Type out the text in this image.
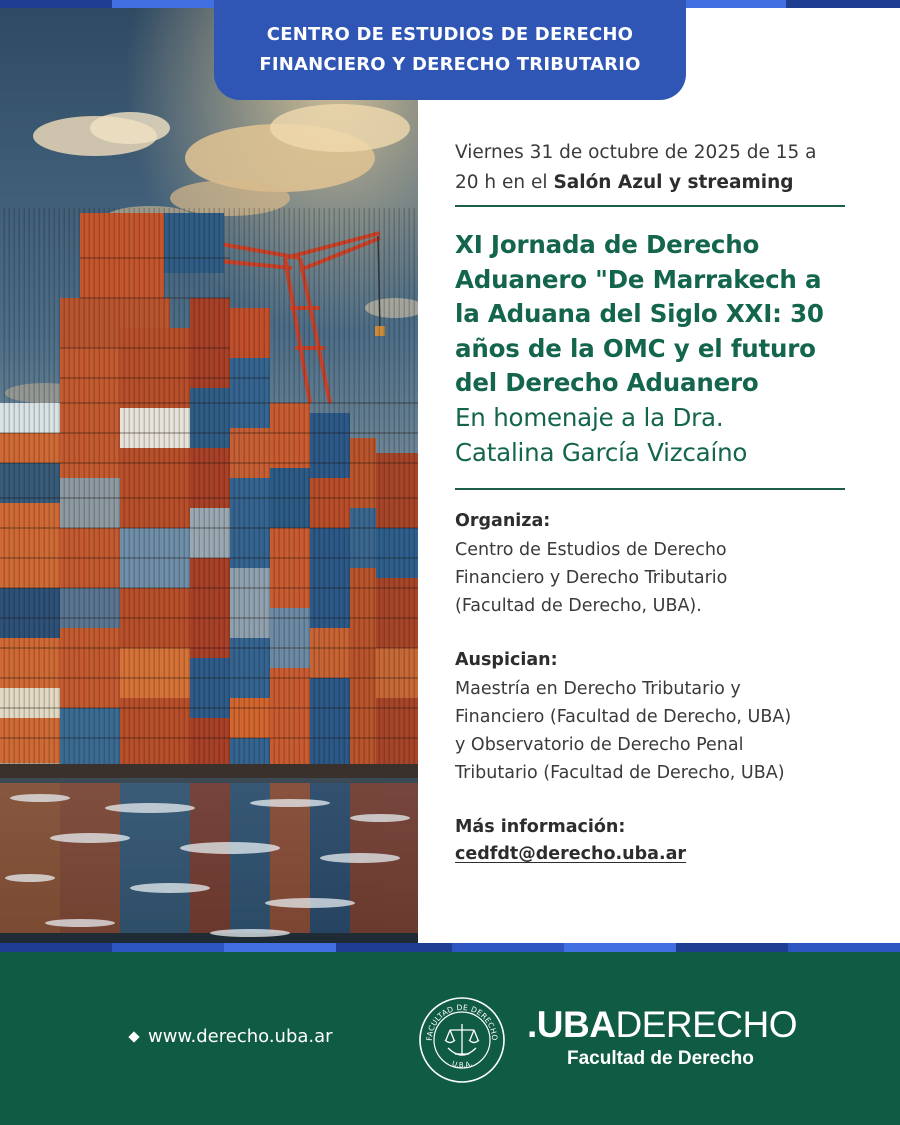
CENTRO DE ESTUDIOS DE DERECHO
FINANCIERO Y DERECHO TRIBUTARIO
Viernes 31 de octubre de 2025 de 15 a
20 h en el Salón Azul y streaming
XI Jornada de Derecho
Aduanero "De Marrakech a
la Aduana del Siglo XXI: 30
años de la OMC y el futuro
del Derecho Aduanero
En homenaje a la Dra.
Catalina García Vizcaíno
Organiza:
Centro de Estudios de Derecho
Financiero y Derecho Tributario
(Facultad de Derecho, UBA).
Auspician:
Maestría en Derecho Tributario y
Financiero (Facultad de Derecho, UBA)
y Observatorio de Derecho Penal
Tributario (Facultad de Derecho, UBA)
Más información:
cedfdt@derecho.uba.ar
www.derecho.uba.ar	FACULTAD DE DERECHO
U.B.A.
.UBADERECHO
Facultad de Derecho
